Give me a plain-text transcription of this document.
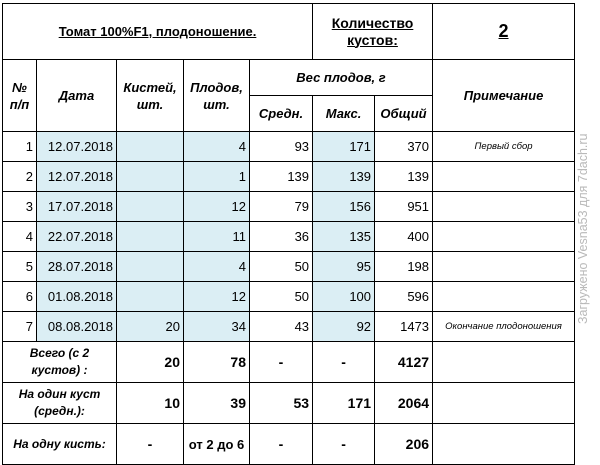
Томат 100%F1, плодоношение.					Количество кустов:		2
№ п/п	Дата	Кистей, шт.	Плодов, шт.	Вес плодов, г			Примечание
				Средн.	Макс.	Общий	
1	12.07.2018		4	93	171	370	Первый сбор
2	12.07.2018		1	139	139	139	
3	17.07.2018		12	79	156	951	
4	22.07.2018		11	36	135	400	
5	28.07.2018		4	50	95	198	
6	01.08.2018		12	50	100	596	
7	08.08.2018	20	34	43	92	1473	Окончание плодоношения
Всего (с 2 кустов) :		20	78	-	-	4127	
На один куст (средн.):		10	39	53	171	2064	
На одну кисть:		-	от 2 до 6	-	-	206	
Загружено Vesna53 для 7dach.ru
